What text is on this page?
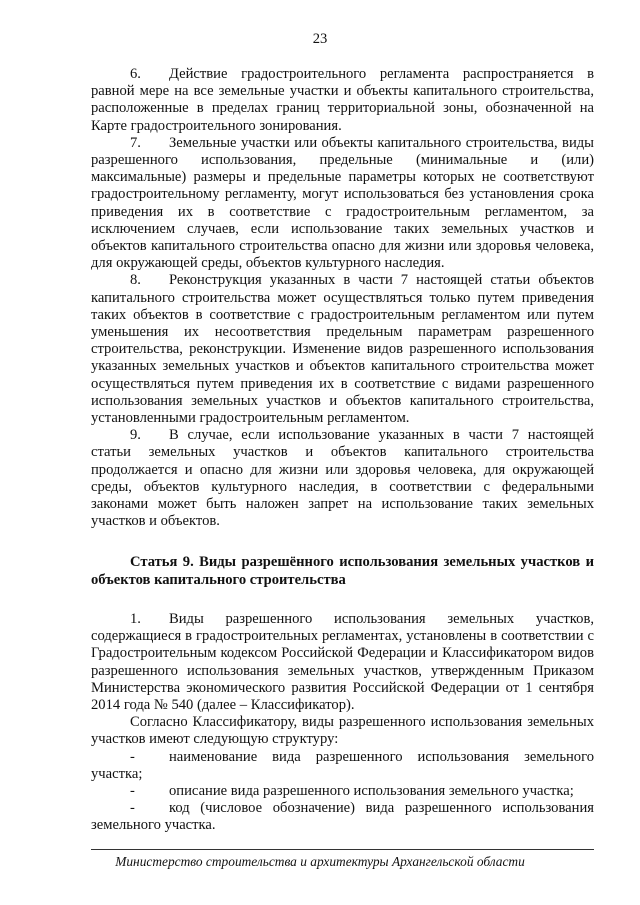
23

6. Действие градостроительного регламента распространяется в равной мере на все земельные участки и объекты капитального строительства, расположенные в пределах границ территориальной зоны, обозначенной на Карте градостроительного зонирования.

7. Земельные участки или объекты капитального строительства, виды разрешенного использования, предельные (минимальные и (или) максимальные) размеры и предельные параметры которых не соответствуют градостроительному регламенту, могут использоваться без установления срока приведения их в соответствие с градостроительным регламентом, за исключением случаев, если использование таких земельных участков и объектов капитального строительства опасно для жизни или здоровья человека, для окружающей среды, объектов культурного наследия.

8. Реконструкция указанных в части 7 настоящей статьи объектов капитального строительства может осуществляться только путем приведения таких объектов в соответствие с градостроительным регламентом или путем уменьшения их несоответствия предельным параметрам разрешенного строительства, реконструкции. Изменение видов разрешенного использования указанных земельных участков и объектов капитального строительства может осуществляться путем приведения их в соответствие с видами разрешенного использования земельных участков и объектов капитального строительства, установленными градостроительным регламентом.

9. В случае, если использование указанных в части 7 настоящей статьи земельных участков и объектов капитального строительства продолжается и опасно для жизни или здоровья человека, для окружающей среды, объектов культурного наследия, в соответствии с федеральными законами может быть наложен запрет на использование таких земельных участков и объектов.

Статья 9. Виды разрешённого использования земельных участков и объектов капитального строительства

1. Виды разрешенного использования земельных участков, содержащиеся в градостроительных регламентах, установлены в соответствии с Градостроительным кодексом Российской Федерации и Классификатором видов разрешенного использования земельных участков, утвержденным Приказом Министерства экономического развития Российской Федерации от 1 сентября 2014 года № 540 (далее – Классификатор).

Согласно Классификатору, виды разрешенного использования земельных участков имеют следующую структуру:

- наименование вида разрешенного использования земельного участка;
- описание вида разрешенного использования земельного участка;
- код (числовое обозначение) вида разрешенного использования земельного участка.
Министерство строительства и архитектуры Архангельской области
